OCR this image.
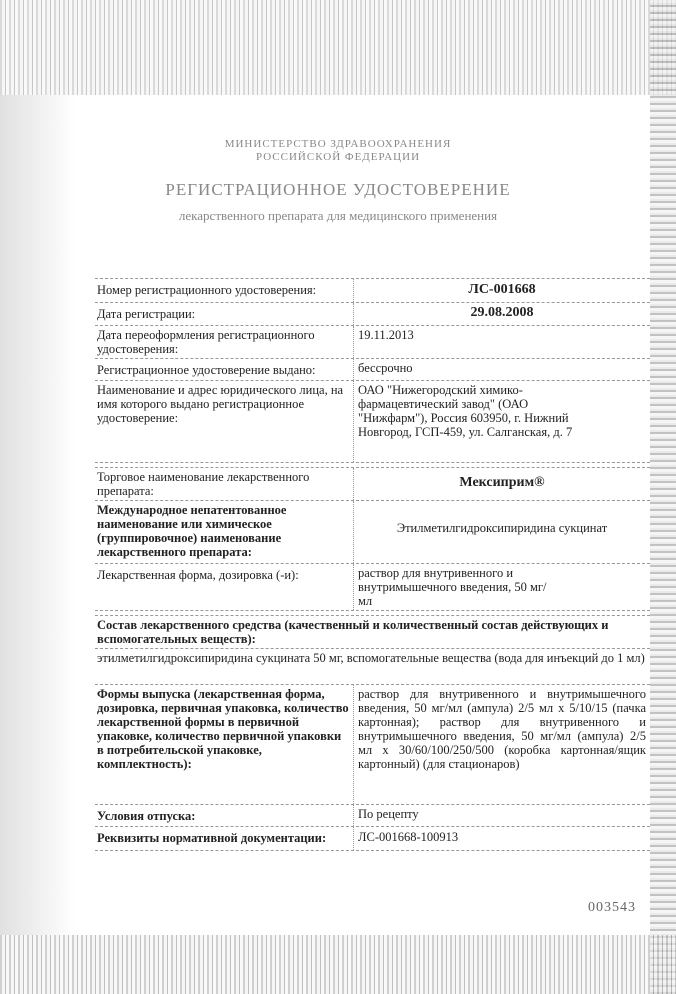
МИНИСТЕРСТВО ЗДРАВООХРАНЕНИЯ
РОССИЙСКОЙ ФЕДЕРАЦИИ
РЕГИСТРАЦИОННОЕ УДОСТОВЕРЕНИЕ
лекарственного препарата для медицинского применения
Номер регистрационного удостоверения:	ЛС-001668
Дата регистрации:	29.08.2008
Дата переоформления регистрационного удостоверения:
19.11.2013
Регистрационное удостоверение выдано:	бессрочно
Наименование и адрес юридического лица, на имя которого выдано регистрационное удостоверение:
ОАО "Нижегородский химико-фармацевтический завод" (ОАО "Нижфарм"), Россия 603950, г. Нижний Новгород, ГСП-459, ул. Салганская, д. 7
Торговое наименование лекарственного препарата:
Мексиприм®
Международное непатентованное наименование или химическое (группировочное) наименование лекарственного препарата:
Этилметилгидроксипиридина сукцинат
Лекарственная форма, дозировка (-и):	раствор для внутривенного и внутримышечного введения, 50 мг/мл
Состав лекарственного средства (качественный и количественный состав действующих и вспомогательных веществ):
этилметилгидроксипиридина сукцината 50 мг, вспомогательные вещества (вода для инъекций до 1 мл)
Формы выпуска (лекарственная форма, дозировка, первичная упаковка, количество лекарственной формы в первичной упаковке, количество первичной упаковки в потребительской упаковке, комплектность):
раствор для внутривенного и внутримышечного введения, 50 мг/мл (ампула) 2/5 мл х 5/10/15 (пачка картонная); раствор для внутривенного и внутримышечного введения, 50 мг/мл (ампула) 2/5 мл х 30/60/100/250/500 (коробка картонная/ящик картонный) (для стационаров)
Условия отпуска:	По рецепту
Реквизиты нормативной документации:	ЛС-001668-100913
003543
